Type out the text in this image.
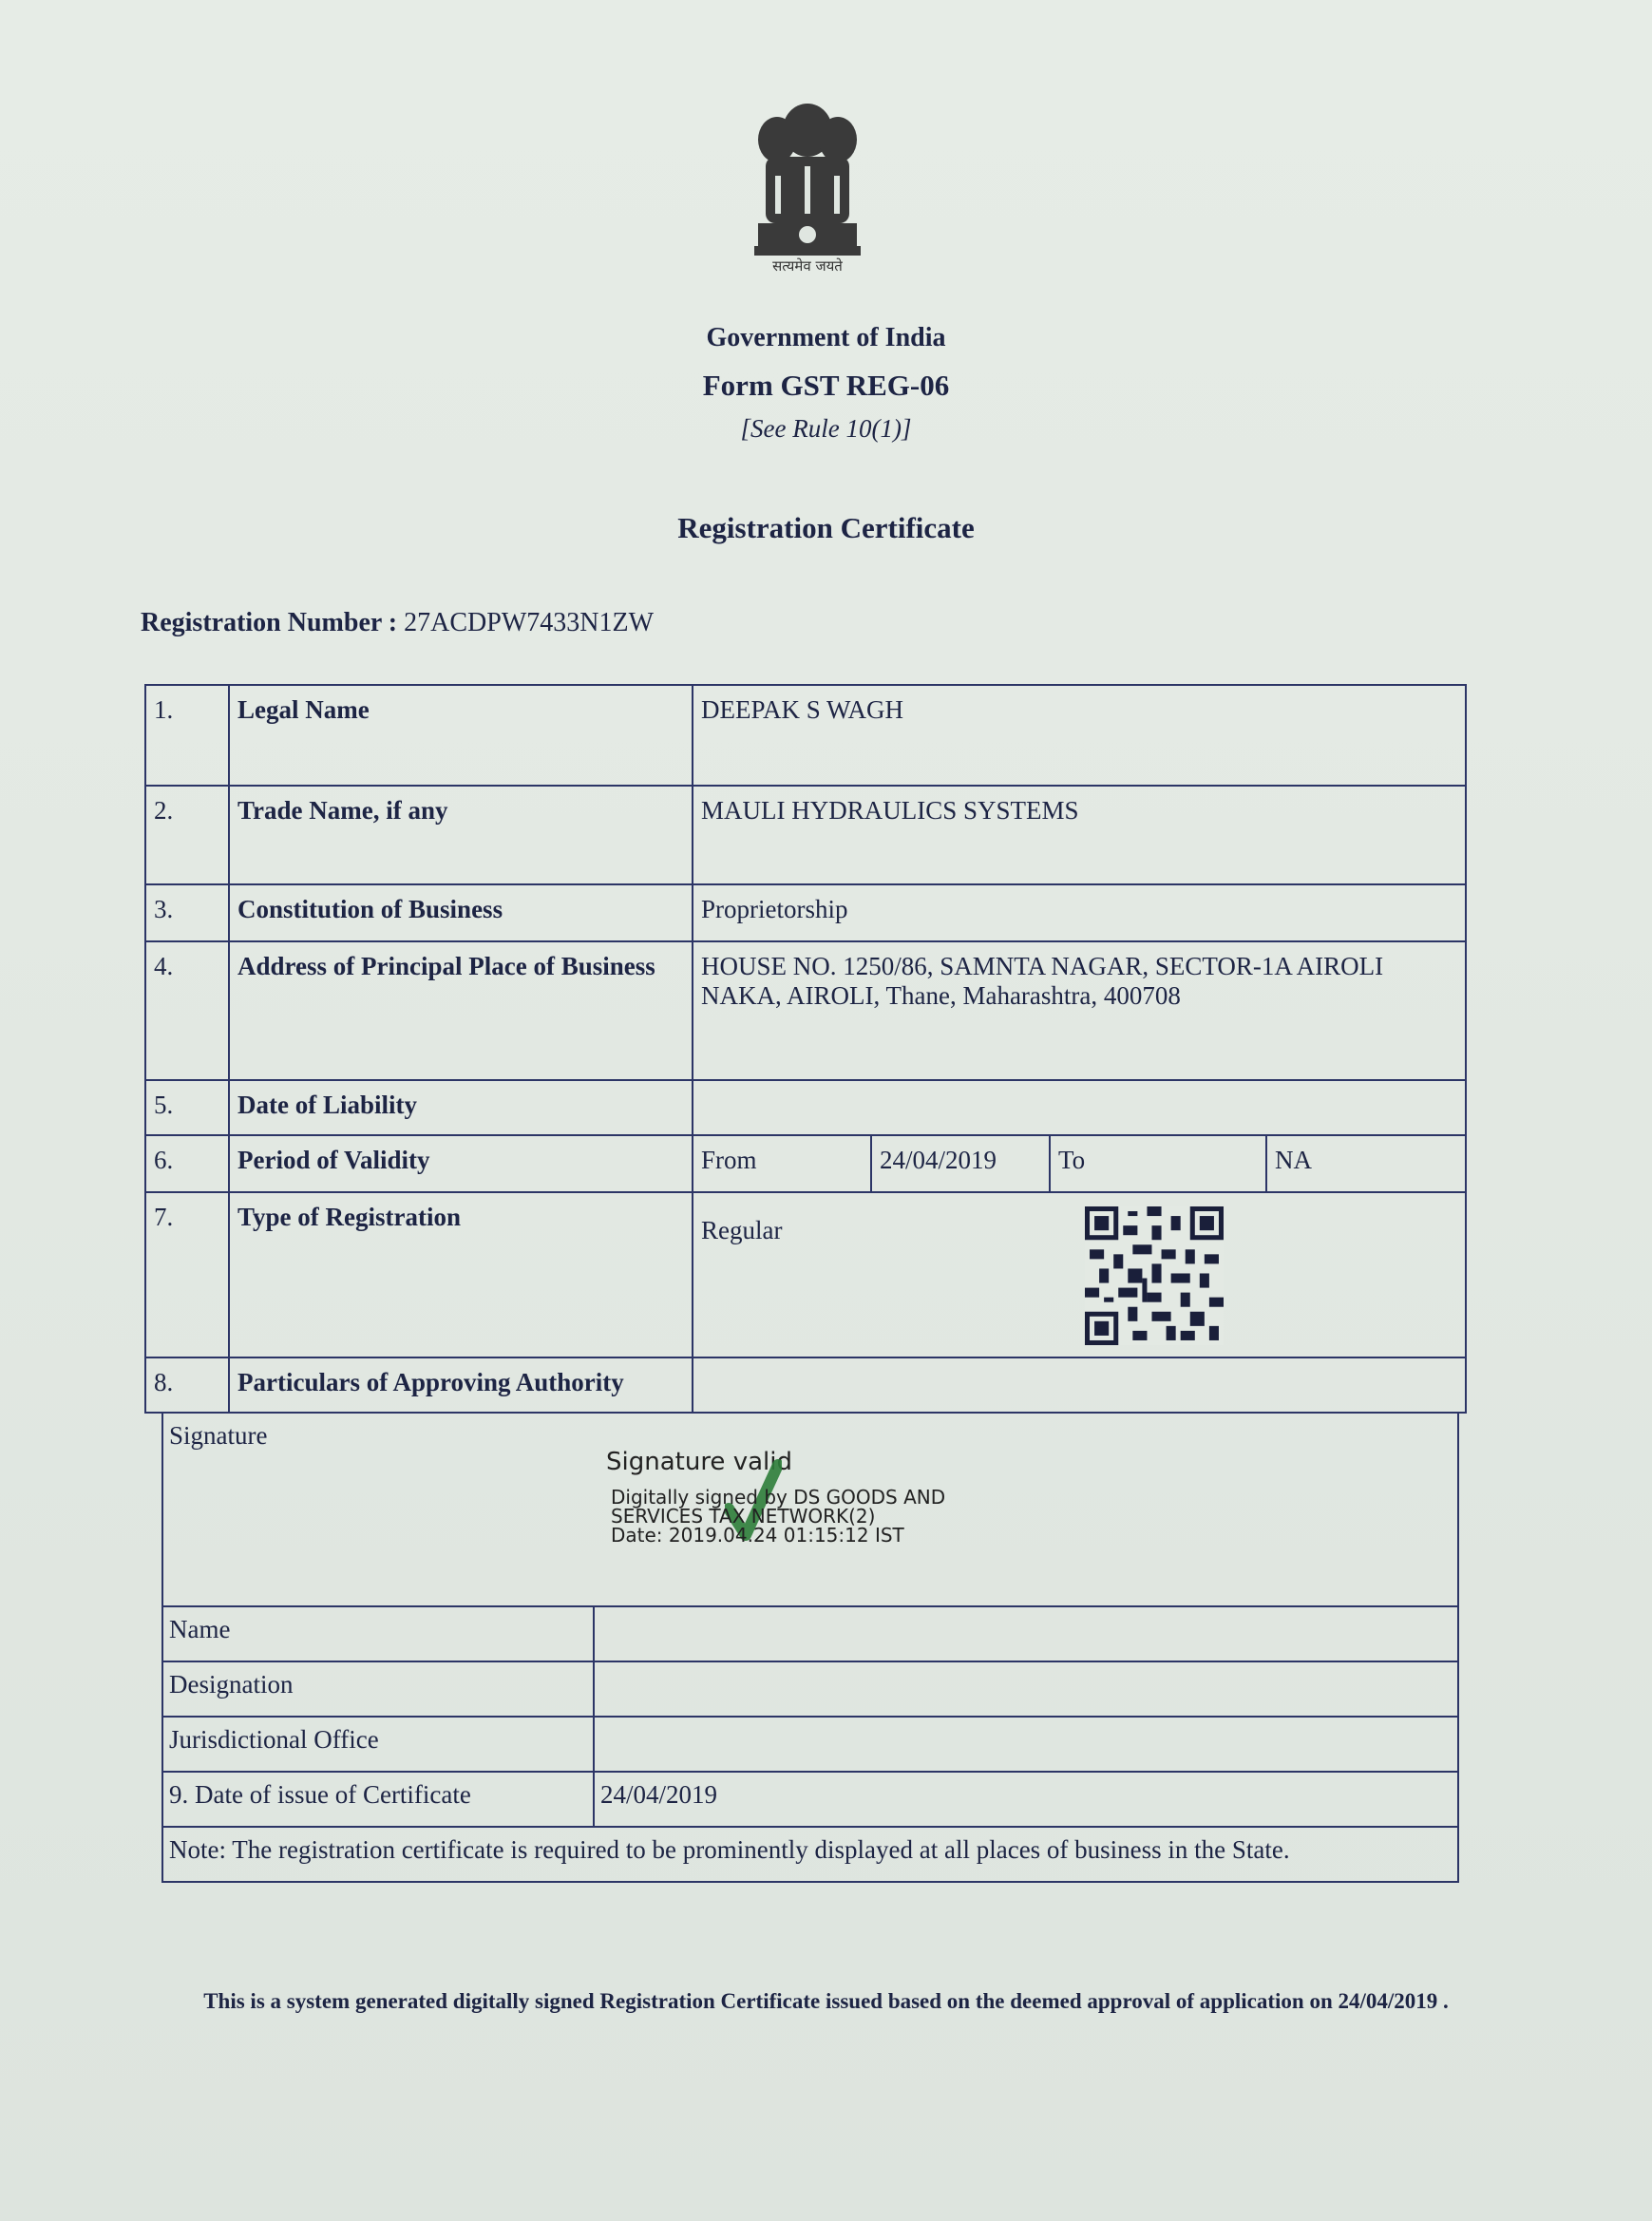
सत्यमेव जयते
Government of India
Form GST REG-06
[See Rule 10(1)]
Registration Certificate
Registration Number : 27ACDPW7433N1ZW
1.	Legal Name	DEEPAK S WAGH
2.	Trade Name, if any	MAULI HYDRAULICS SYSTEMS
3.	Constitution of Business	Proprietorship
4.	Address of Principal Place of Business	HOUSE NO. 1250/86, SAMNTA NAGAR, SECTOR-1A AIROLI NAKA, AIROLI, Thane, Maharashtra, 400708
5.	Date of Liability	
6.	Period of Validity		From	24/04/2019	To	NA

7.	Type of Registration	Regular

8.	Particulars of Approving Authority	
Signature
Signature valid
Digitally signed by DS GOODS AND
SERVICES TAX NETWORK(2)
Date: 2019.04.24 01:15:12 IST	

Name	
Designation	
Jurisdictional Office	
9. Date of issue of Certificate	24/04/2019
Note: The registration certificate is required to be prominently displayed at all places of business in the State.	
This is a system generated digitally signed Registration Certificate issued based on the deemed approval of application on 24/04/2019 .
